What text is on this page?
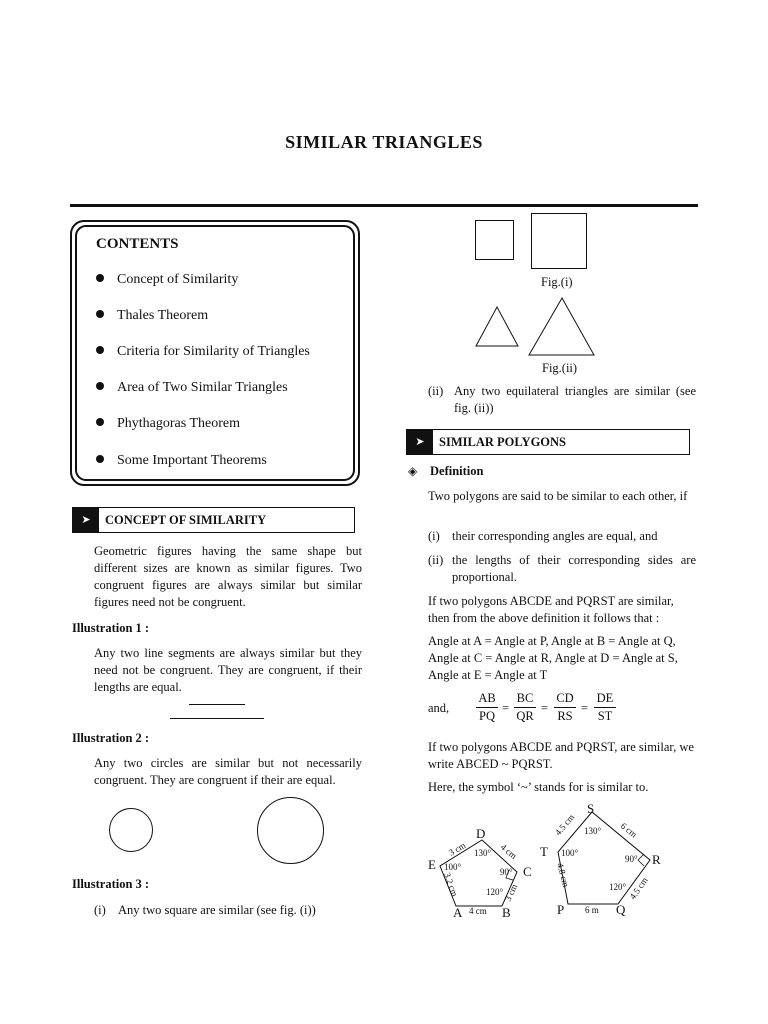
SIMILAR TRIANGLES
CONTENTS
Concept of Similarity
Thales Theorem
Criteria for Similarity of Triangles
Area of Two Similar Triangles
Phythagoras Theorem
Some Important Theorems
➤	CONCEPT OF SIMILARITY
Geometric figures having the same shape but different sizes are known as similar figures. Two congruent figures are always similar but similar figures need not be congruent.
Illustration 1 :
Any two line segments are always similar but they need not be congruent. They are congruent, if their lengths are equal.
Illustration 2 :
Any two circles are similar but not necessarily congruent. They are congruent if their are equal.
Illustration 3 :
(i) Any two square are similar (see fig. (i))
Fig.(i)
Fig.(ii)
(ii) Any two equilateral triangles are similar (see fig. (ii))
➤	SIMILAR POLYGONS
◈ Definition
Two polygons are said to be similar to each other, if
(i) their corresponding angles are equal, and
(ii) the lengths of their corresponding sides are proportional.
If two polygons ABCDE and PQRST are similar, then from the above definition it follows that :
Angle at A = Angle at P, Angle at B = Angle at Q,
Angle at C = Angle at R, Angle at D = Angle at S,
Angle at E = Angle at T
and,
AB
PQ
=
BC
QR
=
CD
RS
=
DE
ST
If two polygons ABCDE and PQRST, are similar, we write ABCED ~ PQRST.
Here, the symbol ‘~’ stands for is similar to.
A	B
C
D
E
4 cm
3 cm
4 cm
3 cm
3.2 cm
130°
100°	90°
120°
P	Q
R
S
T
6 m
4.5 cm
6 cm
4.5 cm
4.8 cm
130°
100°
90°
120°
